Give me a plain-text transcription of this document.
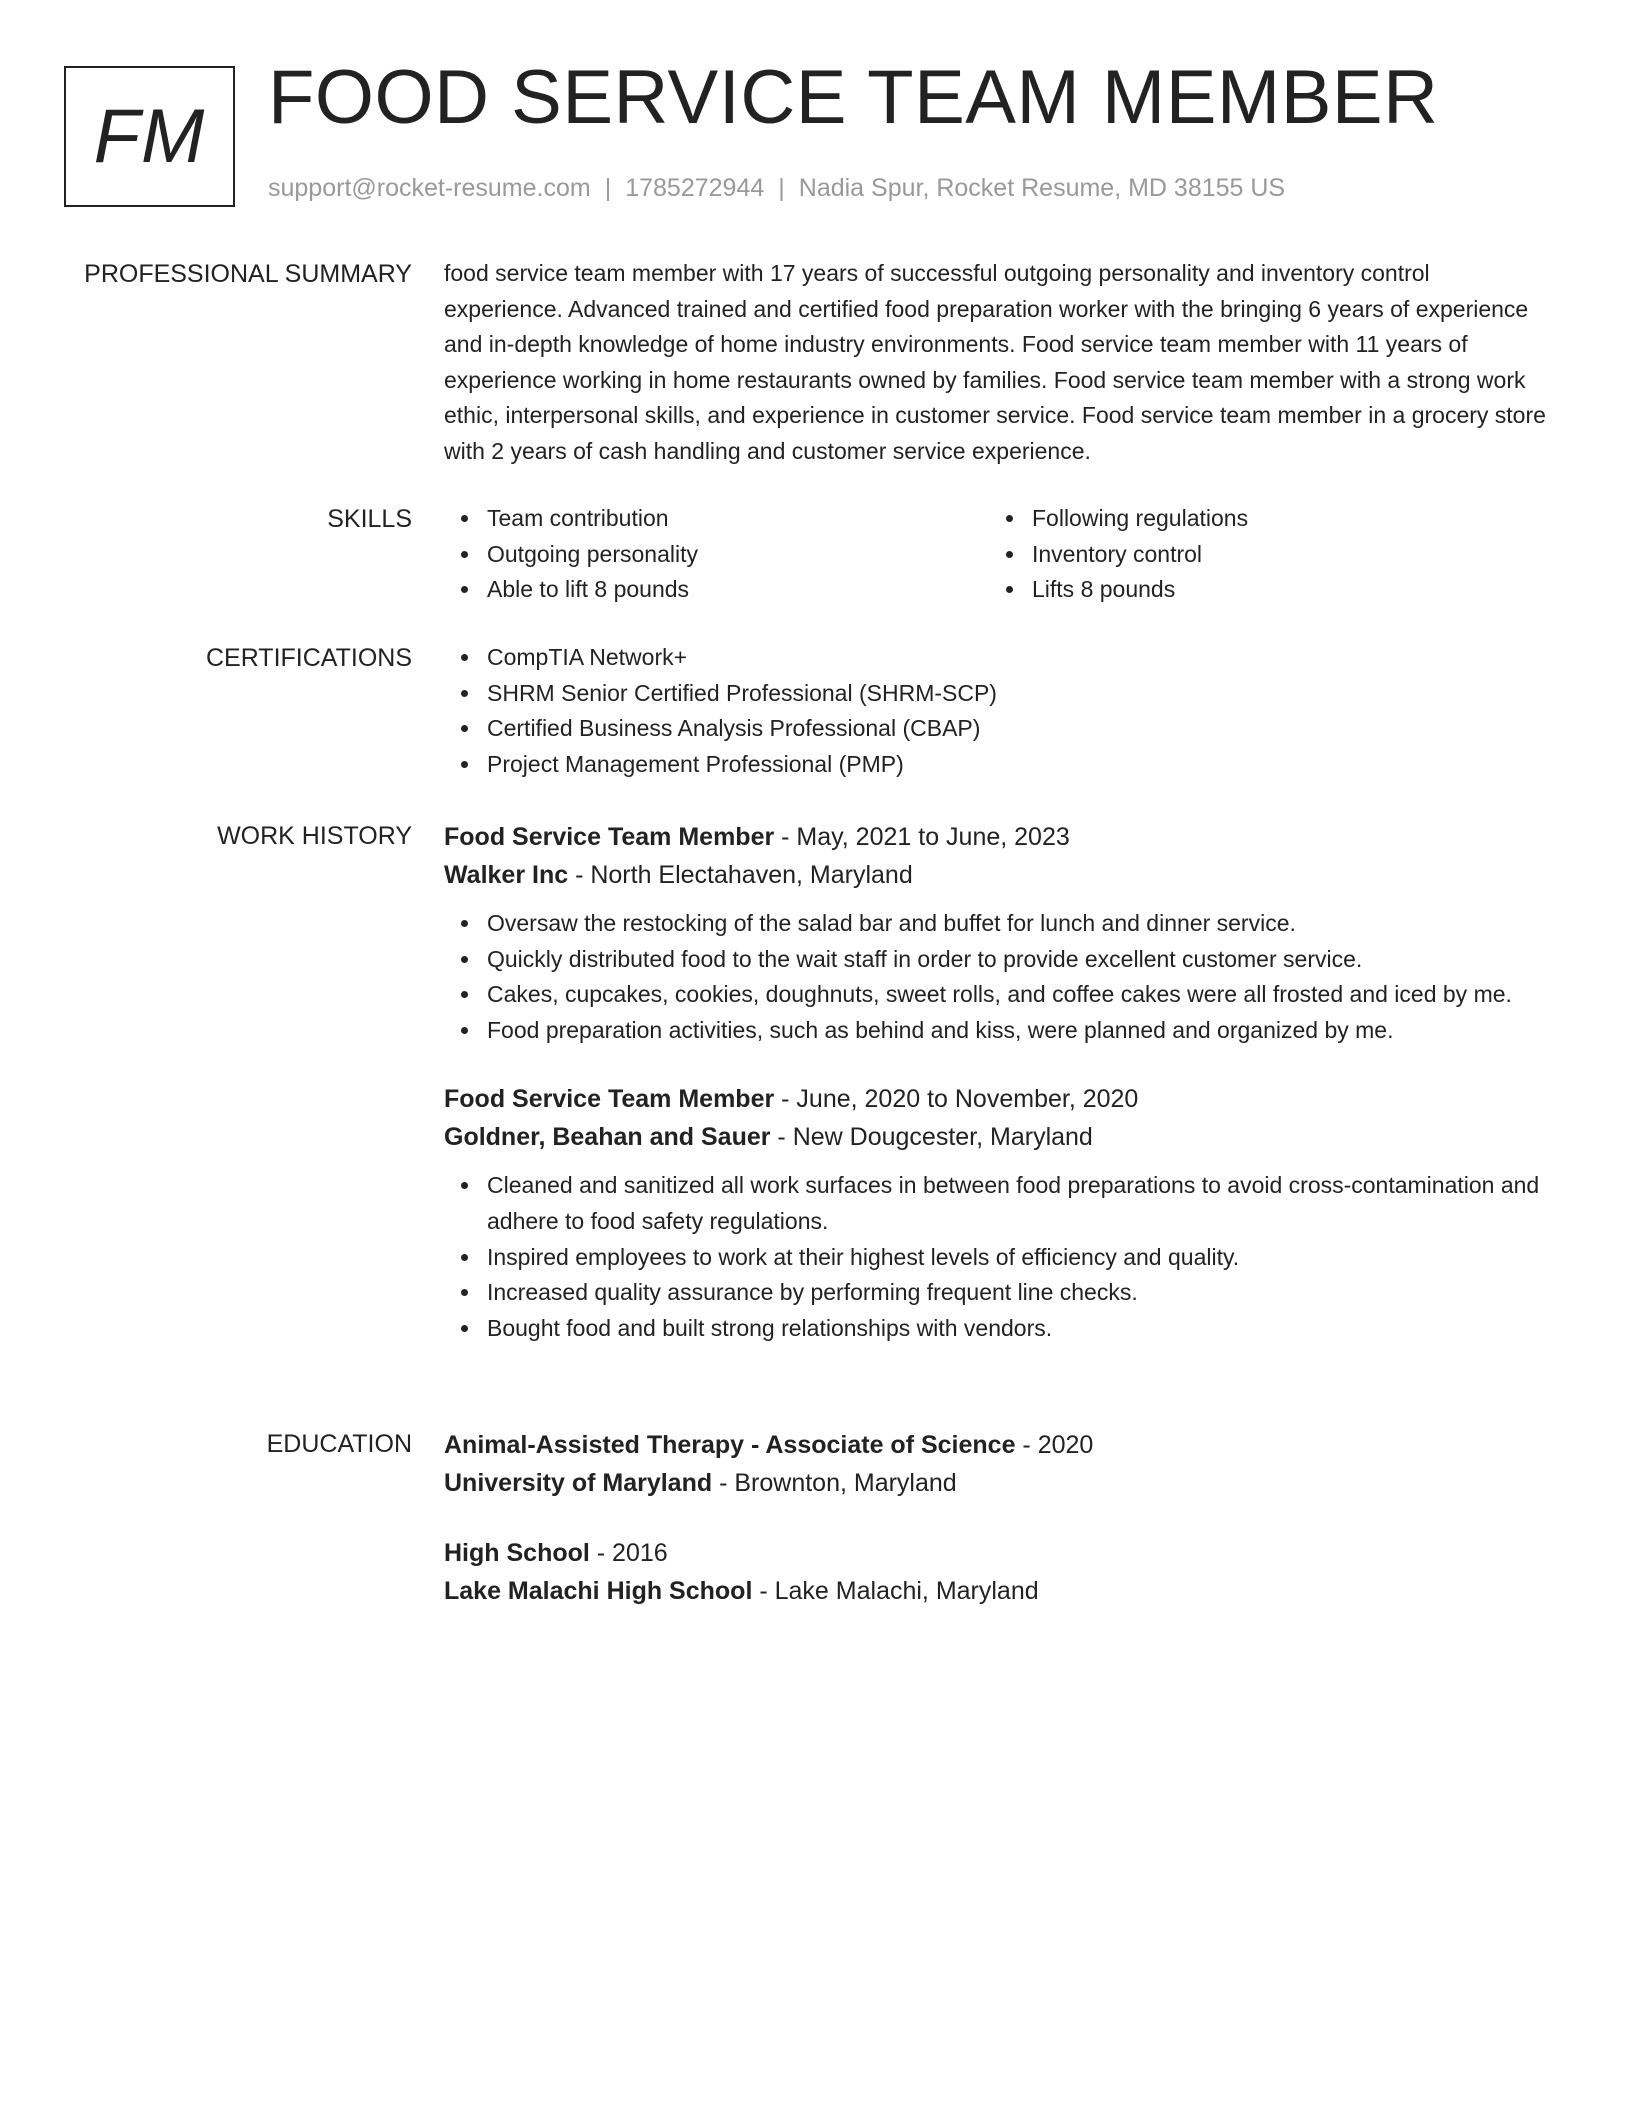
FM FOOD SERVICE TEAM MEMBER
support@rocket-resume.com | 1785272944 | Nadia Spur, Rocket Resume, MD 38155 US
PROFESSIONAL SUMMARY food service team member with 17 years of successful outgoing personality and inventory control experience. Advanced trained and certified food preparation worker with the bringing 6 years of experience and in-depth knowledge of home industry environments. Food service team member with 11 years of experience working in home restaurants owned by families. Food service team member with a strong work ethic, interpersonal skills, and experience in customer service. Food service team member in a grocery store with 2 years of cash handling and customer service experience.

SKILLS	Team contribution
Outgoing personality
Able to lift 8 pounds
Following regulations
Inventory control
Lifts 8 pounds
CERTIFICATIONS	CompTIA Network+
SHRM Senior Certified Professional (SHRM-SCP)
Certified Business Analysis Professional (CBAP)
Project Management Professional (PMP)
WORK HISTORY Food Service Team Member - May, 2021 to June, 2023
Walker Inc - North Electahaven, Maryland
Oversaw the restocking of the salad bar and buffet for lunch and dinner service.
Quickly distributed food to the wait staff in order to provide excellent customer service.
Cakes, cupcakes, cookies, doughnuts, sweet rolls, and coffee cakes were all frosted and iced by me.
Food preparation activities, such as behind and kiss, were planned and organized by me.
Food Service Team Member - June, 2020 to November, 2020
Goldner, Beahan and Sauer - New Dougcester, Maryland
Cleaned and sanitized all work surfaces in between food preparations to avoid cross-contamination and adhere to food safety regulations.
Inspired employees to work at their highest levels of efficiency and quality.
Increased quality assurance by performing frequent line checks.
Bought food and built strong relationships with vendors.
EDUCATION Animal-Assisted Therapy - Associate of Science - 2020
University of Maryland - Brownton, Maryland
High School - 2016
Lake Malachi High School - Lake Malachi, Maryland
